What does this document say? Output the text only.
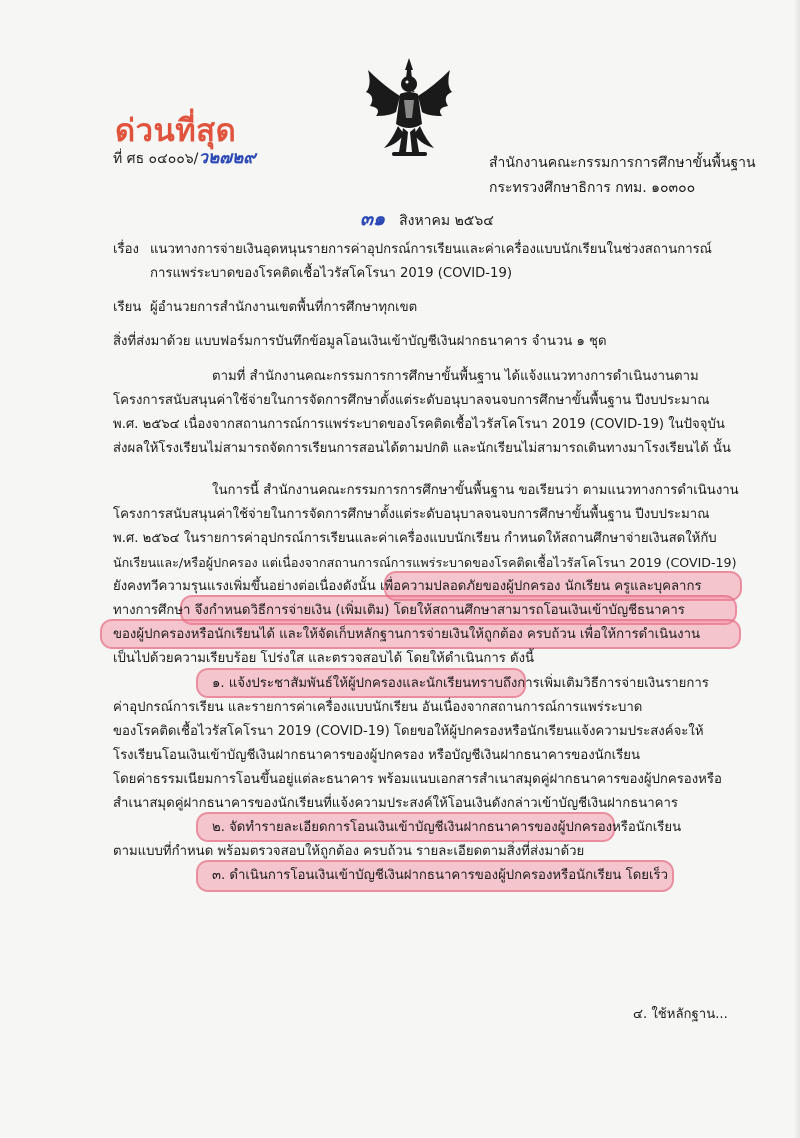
ด่วนที่สุด
ที่ ศธ ๐๔๐๐๖/ว๒๗๒๙	สำนักงานคณะกรรมการการศึกษาขั้นพื้นฐาน
กระทรวงศึกษาธิการ กทม. ๑๐๓๐๐
๓๑ สิงหาคม ๒๕๖๔
เรื่อง แนวทางการจ่ายเงินอุดหนุนรายการค่าอุปกรณ์การเรียนและค่าเครื่องแบบนักเรียนในช่วงสถานการณ์
การแพร่ระบาดของโรคติดเชื้อไวรัสโคโรนา 2019 (COVID-19)
เรียน ผู้อำนวยการสำนักงานเขตพื้นที่การศึกษาทุกเขต
สิ่งที่ส่งมาด้วย แบบฟอร์มการบันทึกข้อมูลโอนเงินเข้าบัญชีเงินฝากธนาคาร จำนวน ๑ ชุด
ตามที่ สำนักงานคณะกรรมการการศึกษาขั้นพื้นฐาน ได้แจ้งแนวทางการดำเนินงานตาม
โครงการสนับสนุนค่าใช้จ่ายในการจัดการศึกษาตั้งแต่ระดับอนุบาลจนจบการศึกษาขั้นพื้นฐาน ปีงบประมาณ
พ.ศ. ๒๕๖๔ เนื่องจากสถานการณ์การแพร่ระบาดของโรคติดเชื้อไวรัสโคโรนา 2019 (COVID-19) ในปัจจุบัน
ส่งผลให้โรงเรียนไม่สามารถจัดการเรียนการสอนได้ตามปกติ และนักเรียนไม่สามารถเดินทางมาโรงเรียนได้ นั้น
ในการนี้ สำนักงานคณะกรรมการการศึกษาขั้นพื้นฐาน ขอเรียนว่า ตามแนวทางการดำเนินงาน
โครงการสนับสนุนค่าใช้จ่ายในการจัดการศึกษาตั้งแต่ระดับอนุบาลจนจบการศึกษาขั้นพื้นฐาน ปีงบประมาณ
พ.ศ. ๒๕๖๔ ในรายการค่าอุปกรณ์การเรียนและค่าเครื่องแบบนักเรียน กำหนดให้สถานศึกษาจ่ายเงินสดให้กับ
นักเรียนและ/หรือผู้ปกครอง แต่เนื่องจากสถานการณ์การแพร่ระบาดของโรคติดเชื้อไวรัสโคโรนา 2019 (COVID-19)
ยังคงทวีความรุนแรงเพิ่มขึ้นอย่างต่อเนื่องดังนั้น เพื่อความปลอดภัยของผู้ปกครอง นักเรียน ครูและบุคลากร
ทางการศึกษา จึงกำหนดวิธีการจ่ายเงิน (เพิ่มเติม) โดยให้สถานศึกษาสามารถโอนเงินเข้าบัญชีธนาคาร
ของผู้ปกครองหรือนักเรียนได้ และให้จัดเก็บหลักฐานการจ่ายเงินให้ถูกต้อง ครบถ้วน เพื่อให้การดำเนินงาน
เป็นไปด้วยความเรียบร้อย โปร่งใส และตรวจสอบได้ โดยให้ดำเนินการ ดังนี้
๑. แจ้งประชาสัมพันธ์ให้ผู้ปกครองและนักเรียนทราบถึงการเพิ่มเติมวิธีการจ่ายเงินรายการ
ค่าอุปกรณ์การเรียน และรายการค่าเครื่องแบบนักเรียน อันเนื่องจากสถานการณ์การแพร่ระบาด
ของโรคติดเชื้อไวรัสโคโรนา 2019 (COVID-19) โดยขอให้ผู้ปกครองหรือนักเรียนแจ้งความประสงค์จะให้
โรงเรียนโอนเงินเข้าบัญชีเงินฝากธนาคารของผู้ปกครอง หรือบัญชีเงินฝากธนาคารของนักเรียน
โดยค่าธรรมเนียมการโอนขึ้นอยู่แต่ละธนาคาร พร้อมแนบเอกสารสำเนาสมุดคู่ฝากธนาคารของผู้ปกครองหรือ
สำเนาสมุดคู่ฝากธนาคารของนักเรียนที่แจ้งความประสงค์ให้โอนเงินดังกล่าวเข้าบัญชีเงินฝากธนาคาร
๒. จัดทำรายละเอียดการโอนเงินเข้าบัญชีเงินฝากธนาคารของผู้ปกครองหรือนักเรียน
ตามแบบที่กำหนด พร้อมตรวจสอบให้ถูกต้อง ครบถ้วน รายละเอียดตามสิ่งที่ส่งมาด้วย
๓. ดำเนินการโอนเงินเข้าบัญชีเงินฝากธนาคารของผู้ปกครองหรือนักเรียน โดยเร็ว
๔. ใช้หลักฐาน...
